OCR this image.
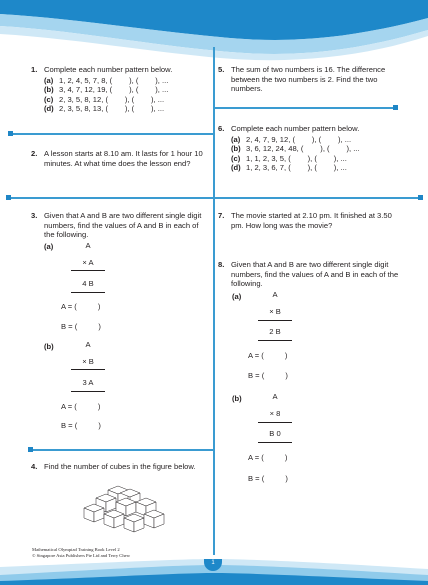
1. Complete each number pattern below.
(a) 1, 2, 4, 5, 7, 8, (        ), (        ), ...
(b) 3, 4, 7, 12, 19, (        ), (        ), ...
(c) 2, 3, 5, 8, 12, (        ), (        ), ...
(d) 2, 3, 5, 8, 13, (        ), (        ), ...
2. A lesson starts at 8.10 am. It lasts for 1 hour 10 minutes. At what time does the lesson end?
3. Given that A and B are two different single digit numbers, find the values of A and B in each of the following.
(a)	A
× A
4 B
A = (          )
B = (          )
(b)	A
× B
3 A
A = (          )
B = (          )
4. Find the number of cubes in the figure below.
5. The sum of two numbers is 16. The difference between the two numbers is 2. Find the two numbers.
6. Complete each number pattern below.
(a) 2, 4, 7, 9, 12, (        ), (        ), ...
(b) 3, 6, 12, 24, 48, (        ), (        ), ...
(c) 1, 1, 2, 3, 5, (        ), (        ), ...
(d) 1, 2, 3, 6, 7, (        ), (        ), ...
7. The movie started at 2.10 pm. It finished at 3.50 pm. How long was the movie?
8. Given that A and B are two different single digit numbers, find the values of A and B in each of the following.
(a)	A
× B
2 B
A = (          )
B = (          )
(b)	A
× 8
B 0
A = (          )
B = (          )
Mathematical Olympiad Training Book Level 2
© Singapore Asia Publishers Pte Ltd and Terry Chew
1
